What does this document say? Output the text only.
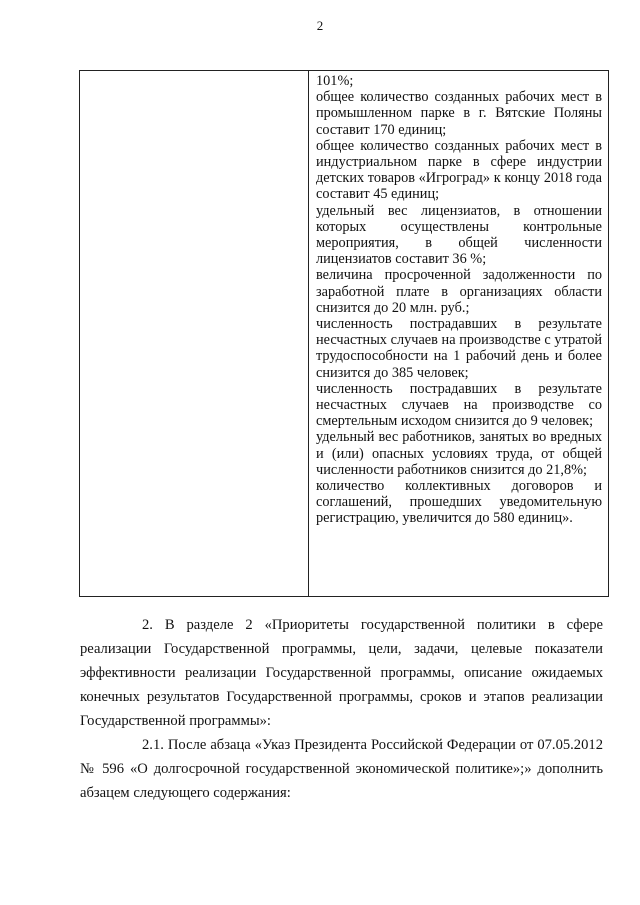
2

101%;
общее количество созданных рабочих мест в промышленном парке в г. Вятские Поляны составит 170 единиц;
общее количество созданных рабочих мест в индустриальном парке в сфере индустрии детских товаров «Игроград» к концу 2018 года составит 45 единиц;
удельный вес лицензиатов, в отношении которых осуществлены контрольные мероприятия, в общей численности лицензиатов составит 36 %;
величина просроченной задолженности по заработной плате в организациях области снизится до 20 млн. руб.;
численность пострадавших в результате несчастных случаев на производстве с утратой трудоспособности на 1 рабочий день и более снизится до 385 человек;
численность пострадавших в результате несчастных случаев на производстве со смертельным исходом снизится до 9 человек;
удельный вес работников, занятых во вредных и (или) опасных условиях труда, от общей численности работников снизится до 21,8%;
количество коллективных договоров и соглашений, прошедших уведомительную регистрацию, увеличится до 580 единиц».

2. В разделе 2 «Приоритеты государственной политики в сфере реализации Государственной программы, цели, задачи, целевые показатели эффективности реализации Государственной программы, описание ожидаемых конечных результатов Государственной программы, сроков и этапов реализации Государственной программы»:

2.1. После абзаца «Указ Президента Российской Федерации от 07.05.2012 № 596 «О долгосрочной государственной экономической политике»;» дополнить абзацем следующего содержания:
